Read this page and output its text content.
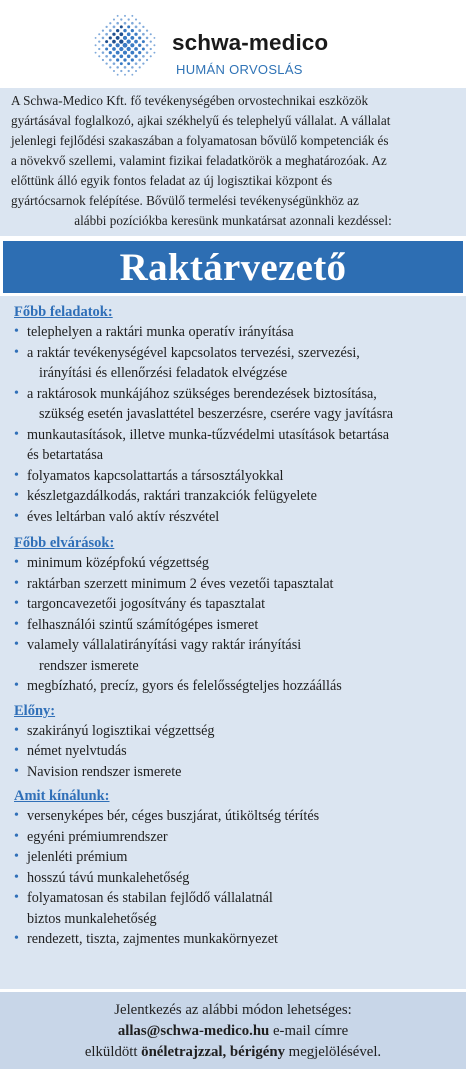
schwa-medico
HUMÁN ORVOSLÁS
A Schwa-Medico Kft. fő tevékenységében orvostechnikai eszközök
gyártásával foglalkozó, ajkai székhelyű és telephelyű vállalat. A vállalat
jelenlegi fejlődési szakaszában a folyamatosan bővülő kompetenciák és
a növekvő szellemi, valamint fizikai feladatkörök a meghatározóak. Az
előttünk álló egyik fontos feladat az új logisztikai központ és
gyártócsarnok felépítése. Bővülő termelési tevékenységünkhöz az
alábbi pozíciókba keresünk munkatársat azonnali kezdéssel:
Raktárvezető
Főbb feladatok:
• telephelyen a raktári munka operatív irányítása
• a raktár tevékenységével kapcsolatos tervezési, szervezési,
irányítási és ellenőrzési feladatok elvégzése
• a raktárosok munkájához szükséges berendezések biztosítása,
szükség esetén javaslattétel beszerzésre, cserére vagy javításra
• munkautasítások, illetve munka-tűzvédelmi utasítások betartása
és betartatása
• folyamatos kapcsolattartás a társosztályokkal
• készletgazdálkodás, raktári tranzakciók felügyelete
• éves leltárban való aktív részvétel
Főbb elvárások:
• minimum középfokú végzettség
• raktárban szerzett minimum 2 éves vezetői tapasztalat
• targoncavezetői jogosítvány és tapasztalat
• felhasználói szintű számítógépes ismeret
• valamely vállalatirányítási vagy raktár irányítási
rendszer ismerete
• megbízható, precíz, gyors és felelősségteljes hozzáállás
Előny:
• szakirányú logisztikai végzettség
• német nyelvtudás
• Navision rendszer ismerete
Amit kínálunk:
• versenyképes bér, céges buszjárat, útiköltség térítés
• egyéni prémiumrendszer
• jelenléti prémium
• hosszú távú munkalehetőség
• folyamatosan és stabilan fejlődő vállalatnál
biztos munkalehetőség
• rendezett, tiszta, zajmentes munkakörnyezet
Jelentkezés az alábbi módon lehetséges:
allas@schwa-medico.hu e-mail címre
elküldött önéletrajzzal, bérigény megjelölésével.
